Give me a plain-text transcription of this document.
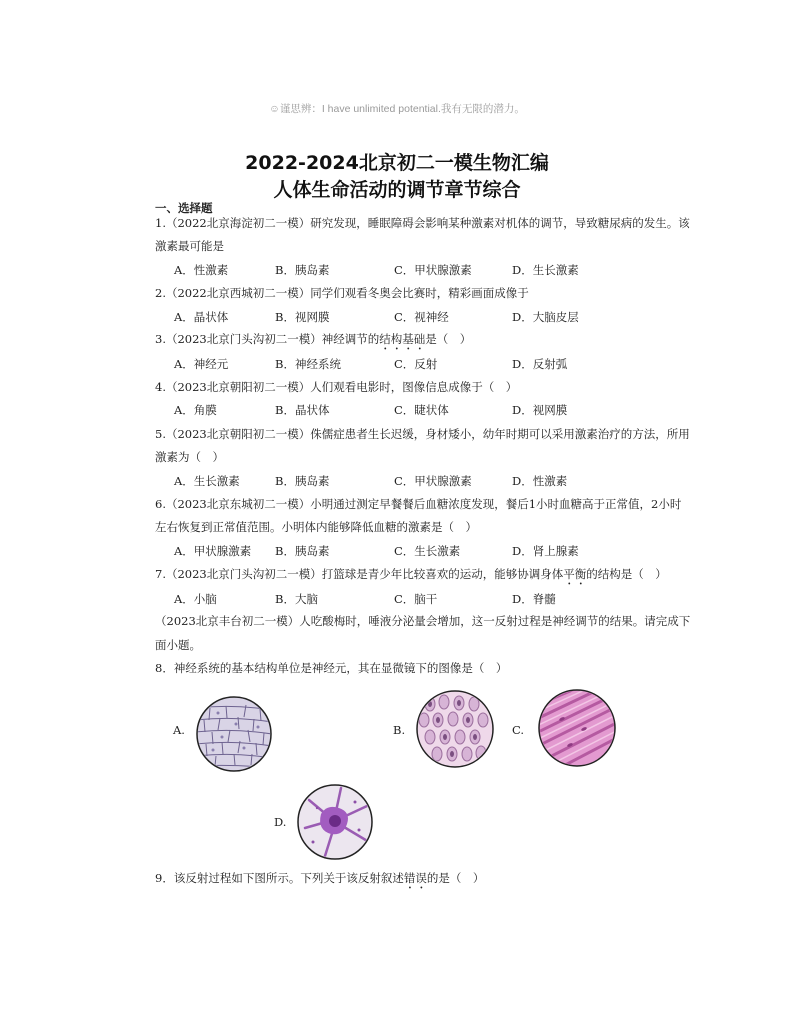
☺谨思辨：I have unlimited potential.我有无限的潜力。
2022-2024北京初二一模生物汇编
人体生命活动的调节章节综合
一、选择题
1.（2022北京海淀初二一模）研究发现，睡眠障碍会影响某种激素对机体的调节，导致糖尿病的发生。该
激素最可能是
A．性激素	B．胰岛素	C．甲状腺激素	D．生长激素
2.（2022北京西城初二一模）同学们观看冬奥会比赛时，精彩画面成像于
A．晶状体	B．视网膜	C．视神经	D．大脑皮层
3.（2023北京门头沟初二一模）神经调节的结构基础是（　）
A．神经元	B．神经系统	C．反射	D．反射弧
4.（2023北京朝阳初二一模）人们观看电影时，图像信息成像于（　）
A．角膜	B．晶状体	C．睫状体	D．视网膜
5.（2023北京朝阳初二一模）侏儒症患者生长迟缓，身材矮小，幼年时期可以采用激素治疗的方法，所用
激素为（　）
A．生长激素	B．胰岛素	C．甲状腺激素	D．性激素
6.（2023北京东城初二一模）小明通过测定早餐餐后血糖浓度发现，餐后1小时血糖高于正常值，2小时
左右恢复到正常值范围。小明体内能够降低血糖的激素是（　）
A．甲状腺激素 B．胰岛素	C．生长激素	D．肾上腺素
7.（2023北京门头沟初二一模）打篮球是青少年比较喜欢的运动，能够协调身体平衡的结构是（　）
A．小脑	B．大脑	C．脑干	D．脊髓
（2023北京丰台初二一模）人吃酸梅时，唾液分泌量会增加，这一反射过程是神经调节的结果。请完成下
面小题。
8．神经系统的基本结构单位是神经元，其在显微镜下的图像是（　）
A.	B.	C.
D.
9．该反射过程如下图所示。下列关于该反射叙述错误的是（　）
